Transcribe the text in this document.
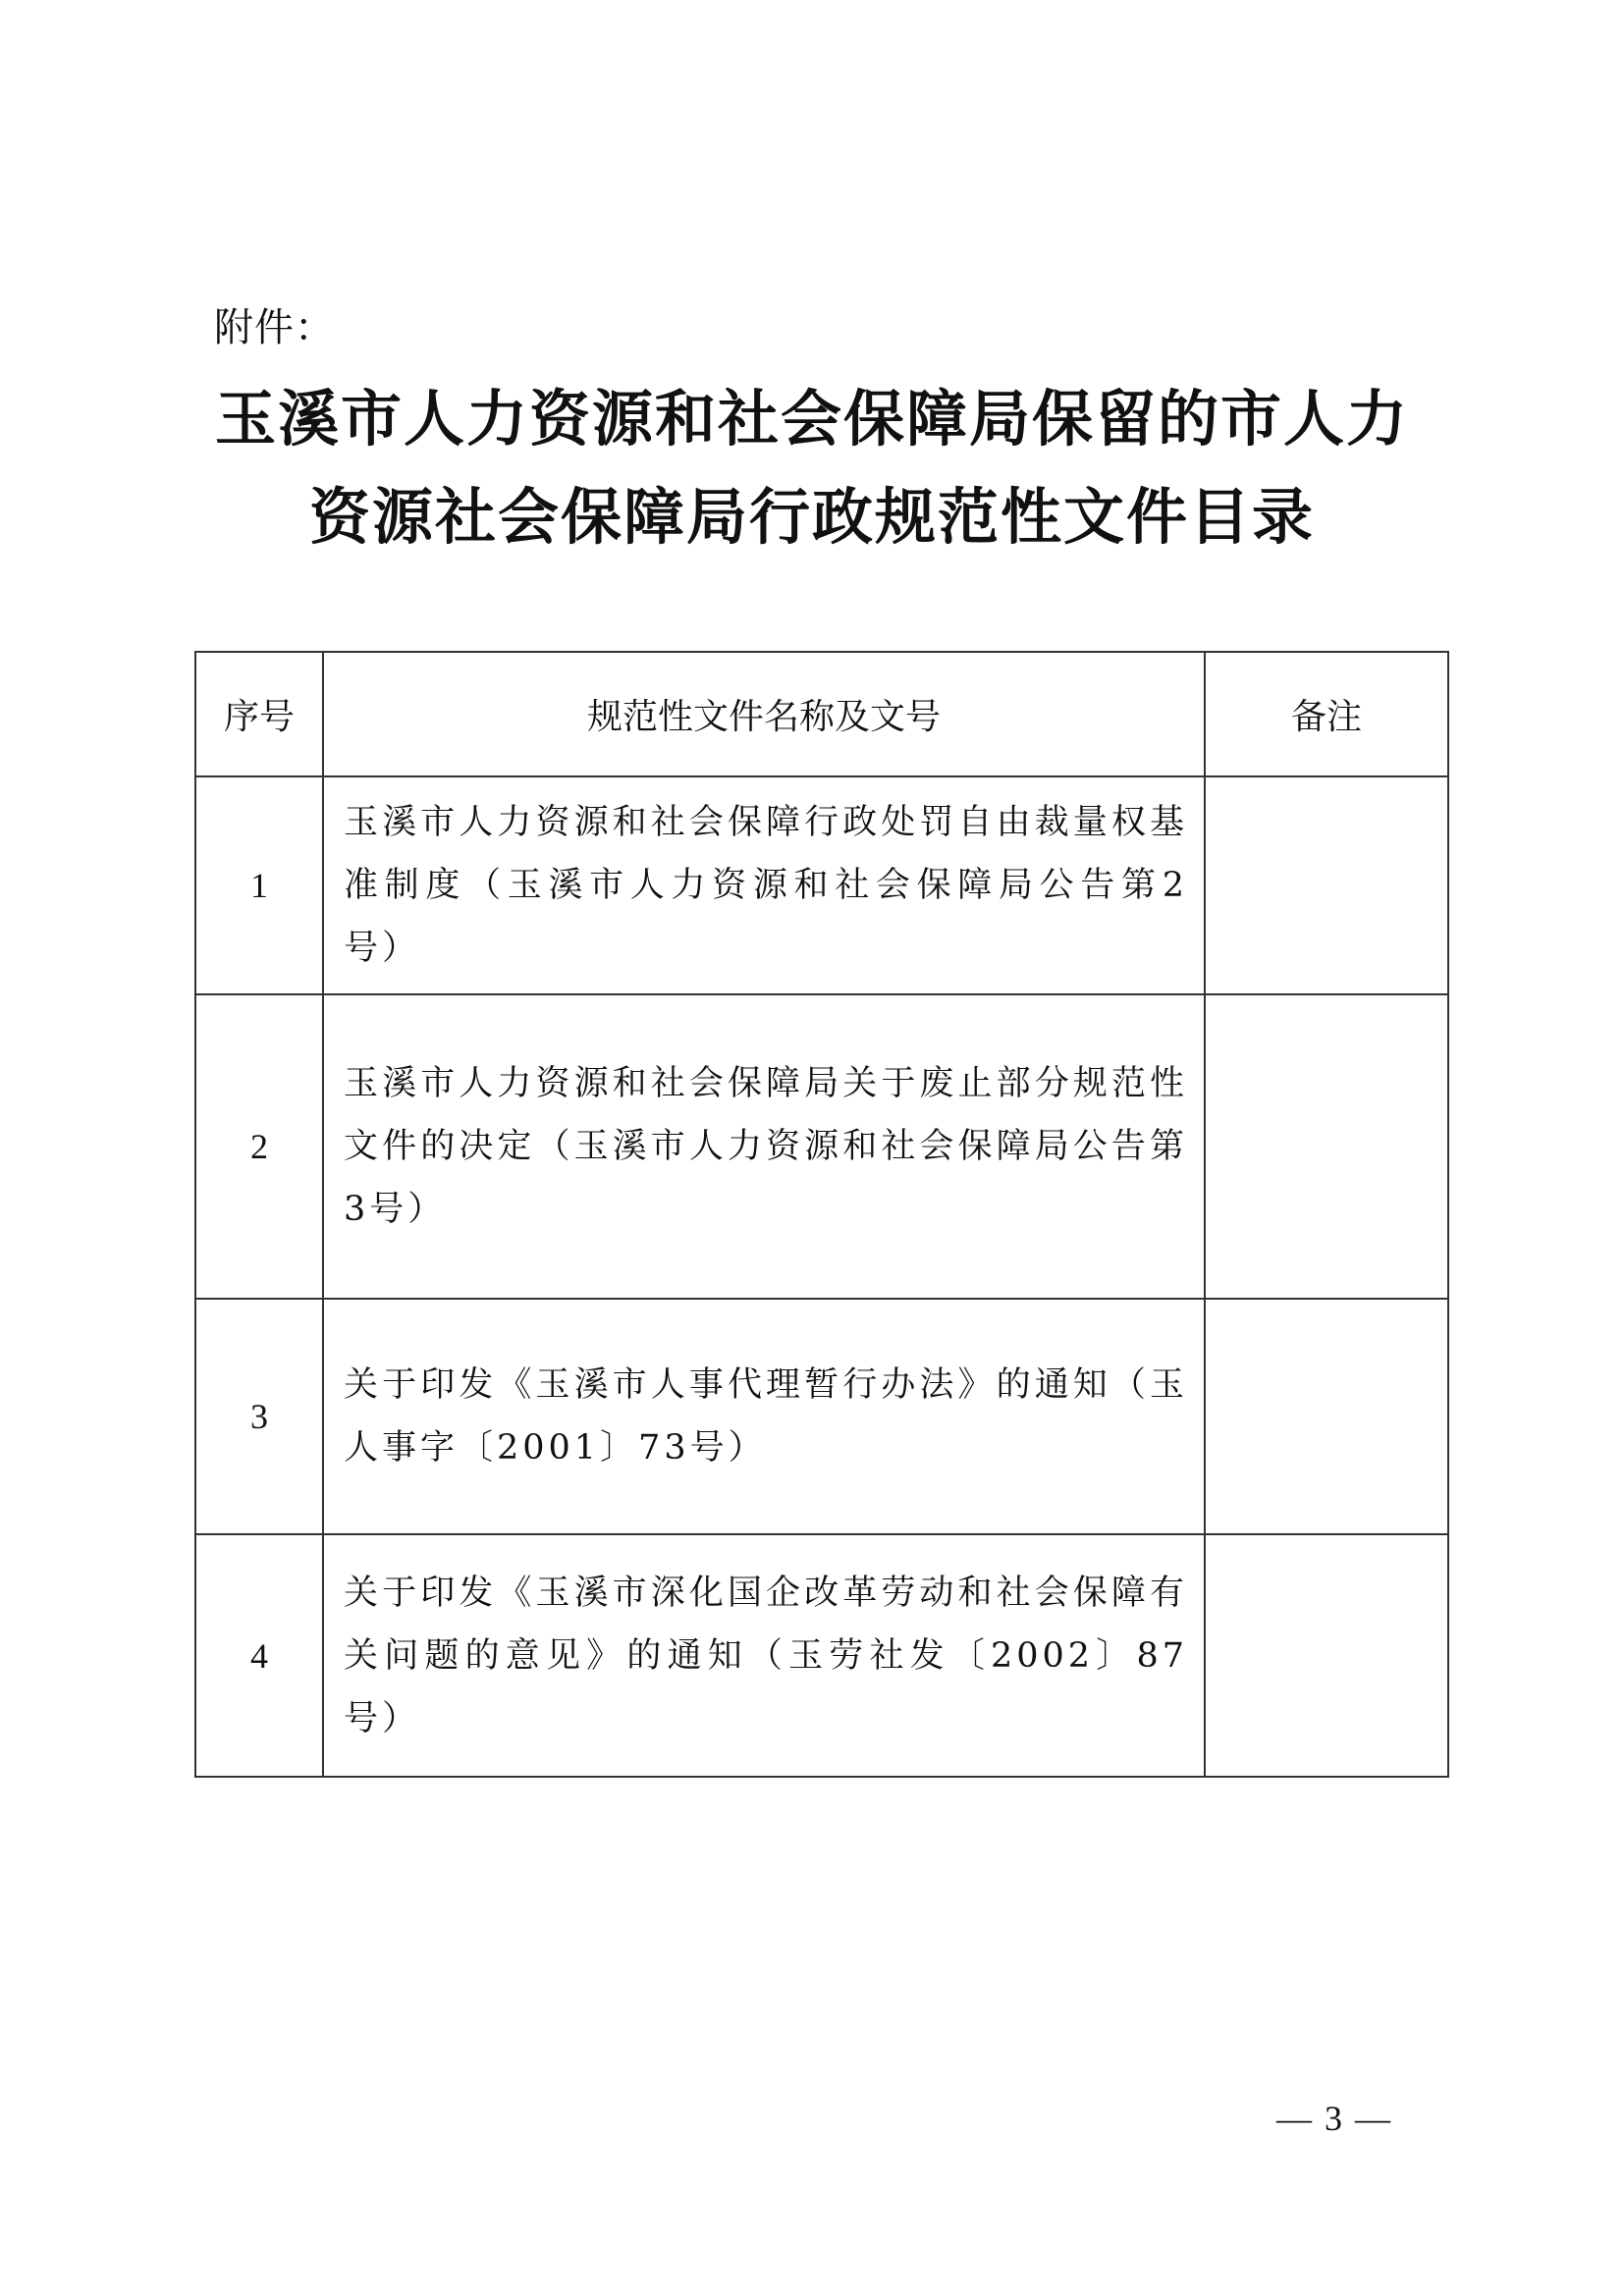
附件：
玉溪市人力资源和社会保障局保留的市人力
资源社会保障局行政规范性文件目录
序号	规范性文件名称及文号	备注
1	玉溪市人力资源和社会保障行政处罚自由裁量权基准制度（玉溪市人力资源和社会保障局公告第2号）	
2	玉溪市人力资源和社会保障局关于废止部分规范性文件的决定（玉溪市人力资源和社会保障局公告第3号）	
3	关于印发《玉溪市人事代理暂行办法》的通知（玉人事字〔2001〕73号）	
4	关于印发《玉溪市深化国企改革劳动和社会保障有关问题的意见》的通知（玉劳社发〔2002〕87号）	
— 3 —
